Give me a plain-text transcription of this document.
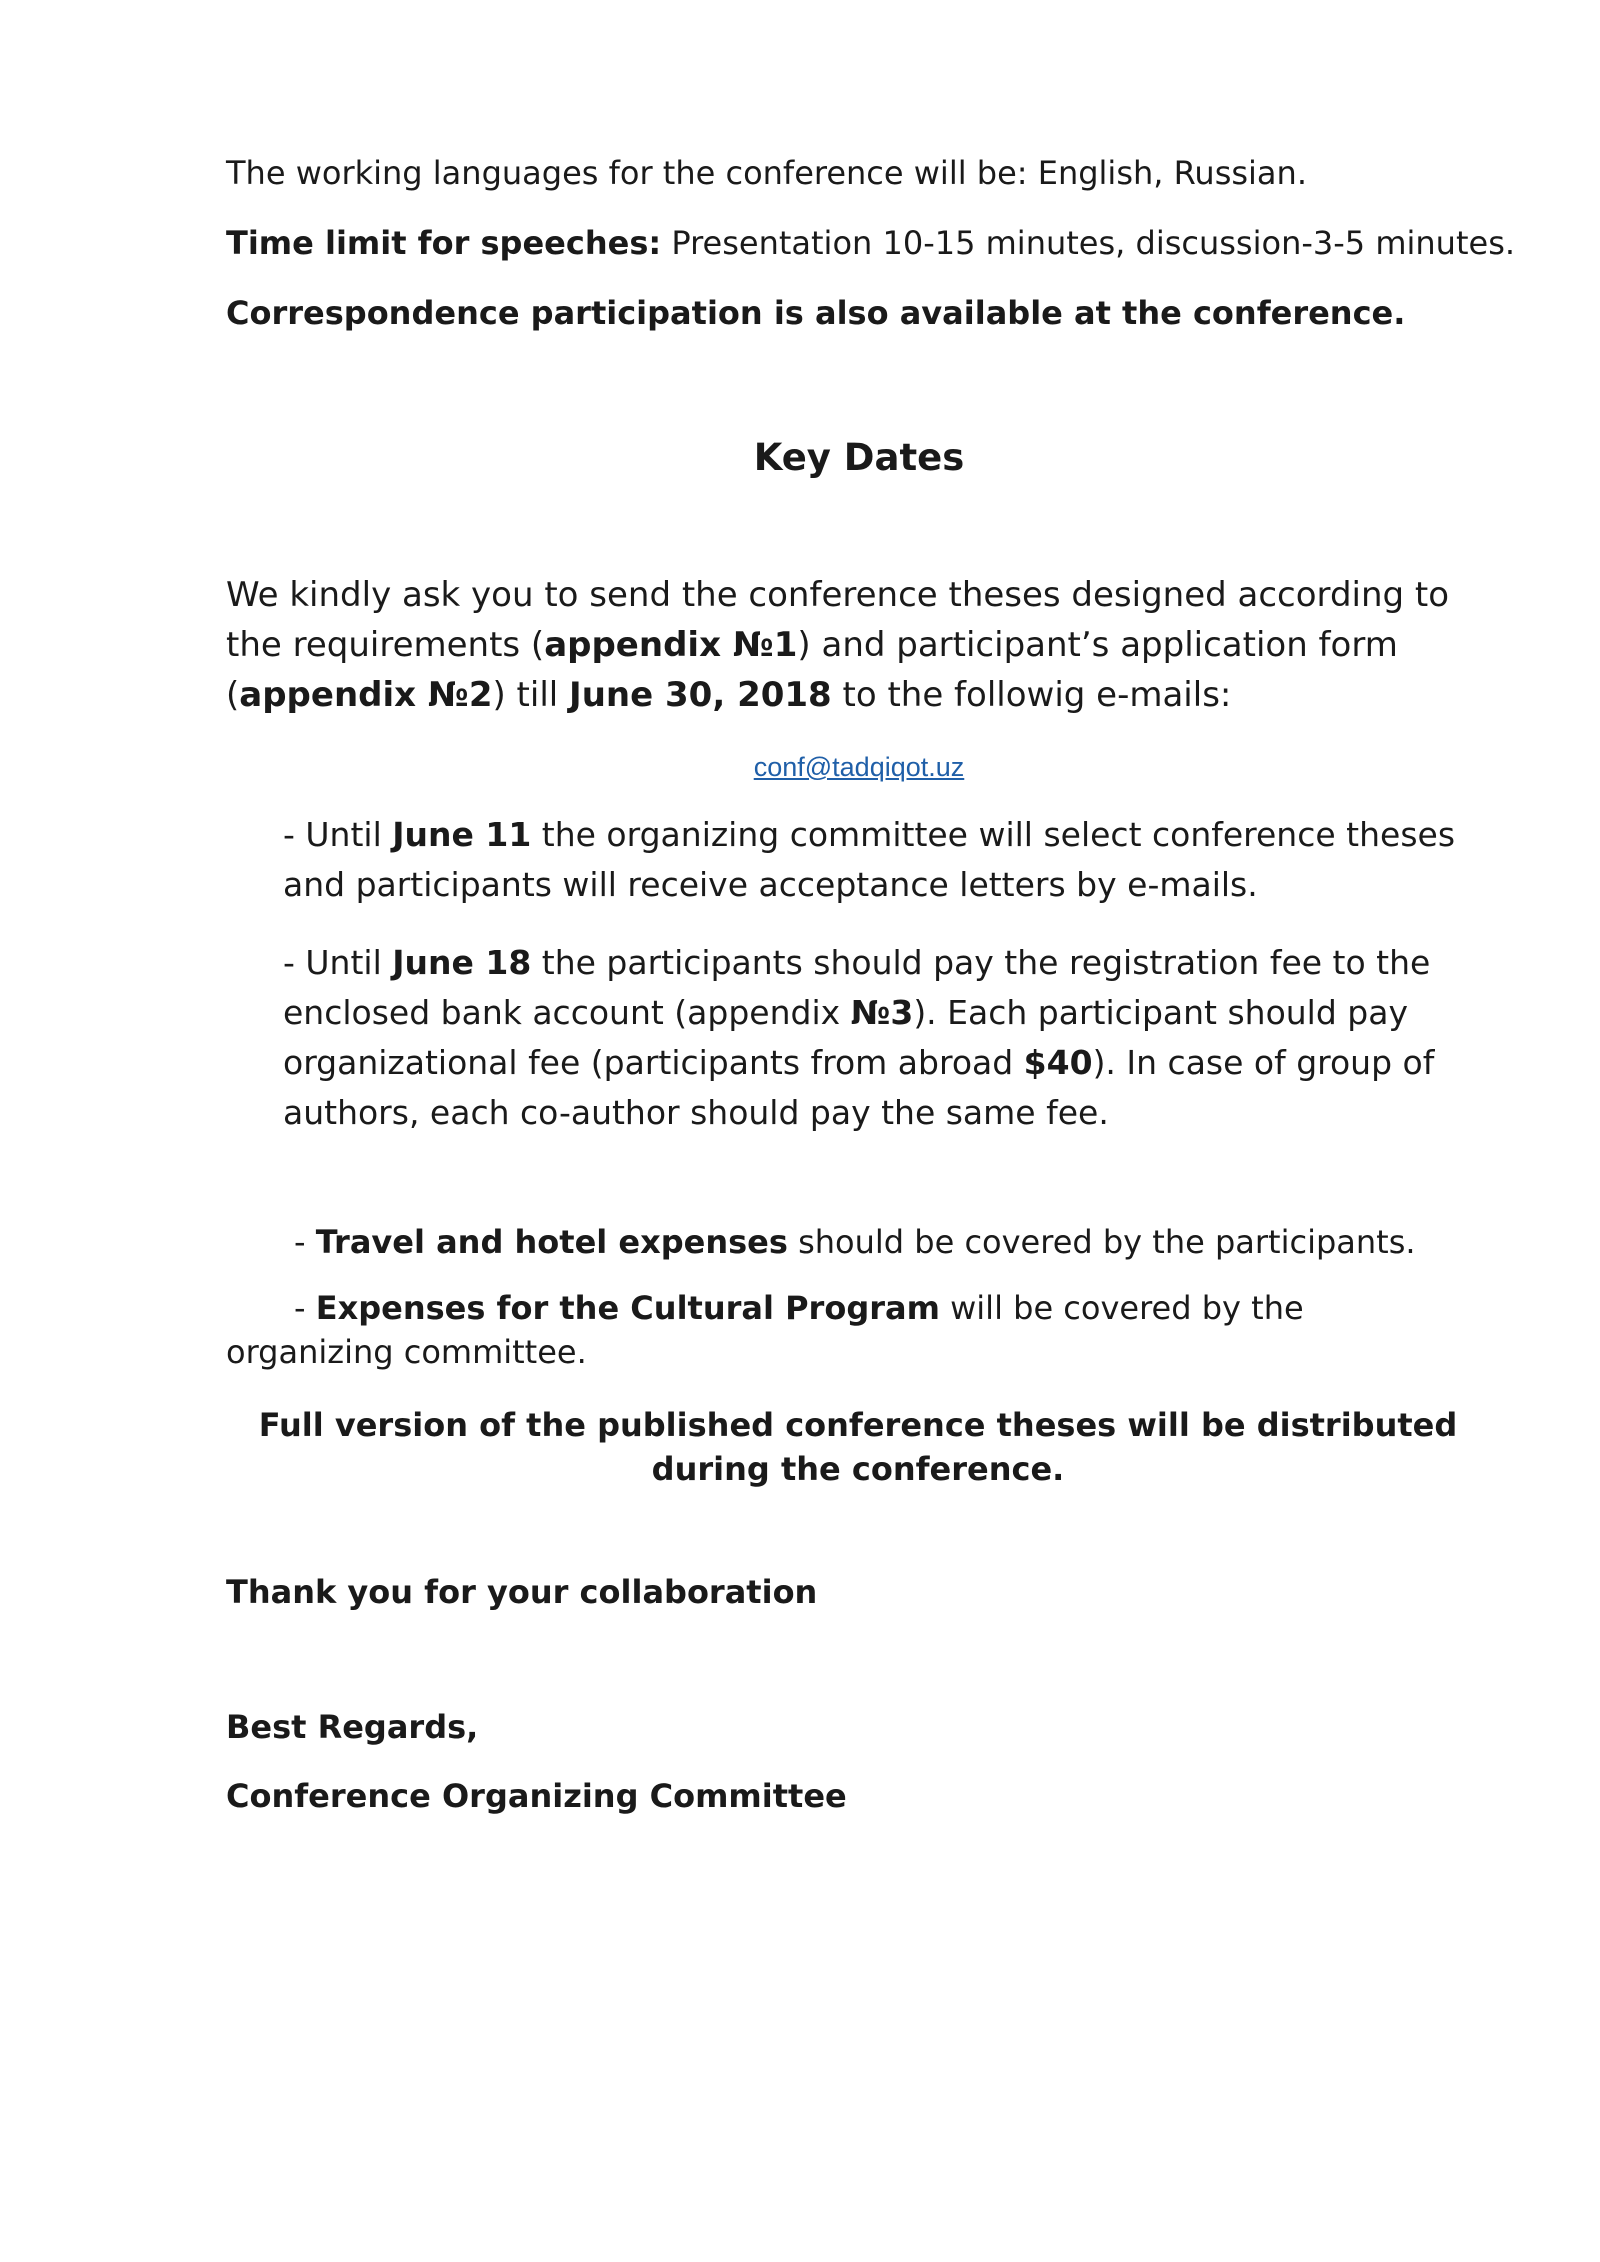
The working languages for the conference will be: English, Russian.

Time limit for speeches: Presentation 10-15 minutes, discussion-3-5 minutes.

Correspondence participation is also available at the conference.

Key Dates

We kindly ask you to send the conference theses designed according to the requirements (appendix №1) and participant’s application form (appendix №2) till June 30, 2018 to the followig e-mails:

conf@tadqiqot.uz

- Until June 11 the organizing committee will select conference theses and participants will receive acceptance letters by e-mails.

- Until June 18 the participants should pay the registration fee to the enclosed bank account (appendix №3). Each participant should pay organizational fee (participants from abroad $40). In case of group of authors, each co-author should pay the same fee.

- Travel and hotel expenses should be covered by the participants.

- Expenses for the Cultural Program will be covered by the organizing committee.

Full version of the published conference theses will be distributed during the conference.

Thank you for your collaboration

Best Regards,

Conference Organizing Committee
